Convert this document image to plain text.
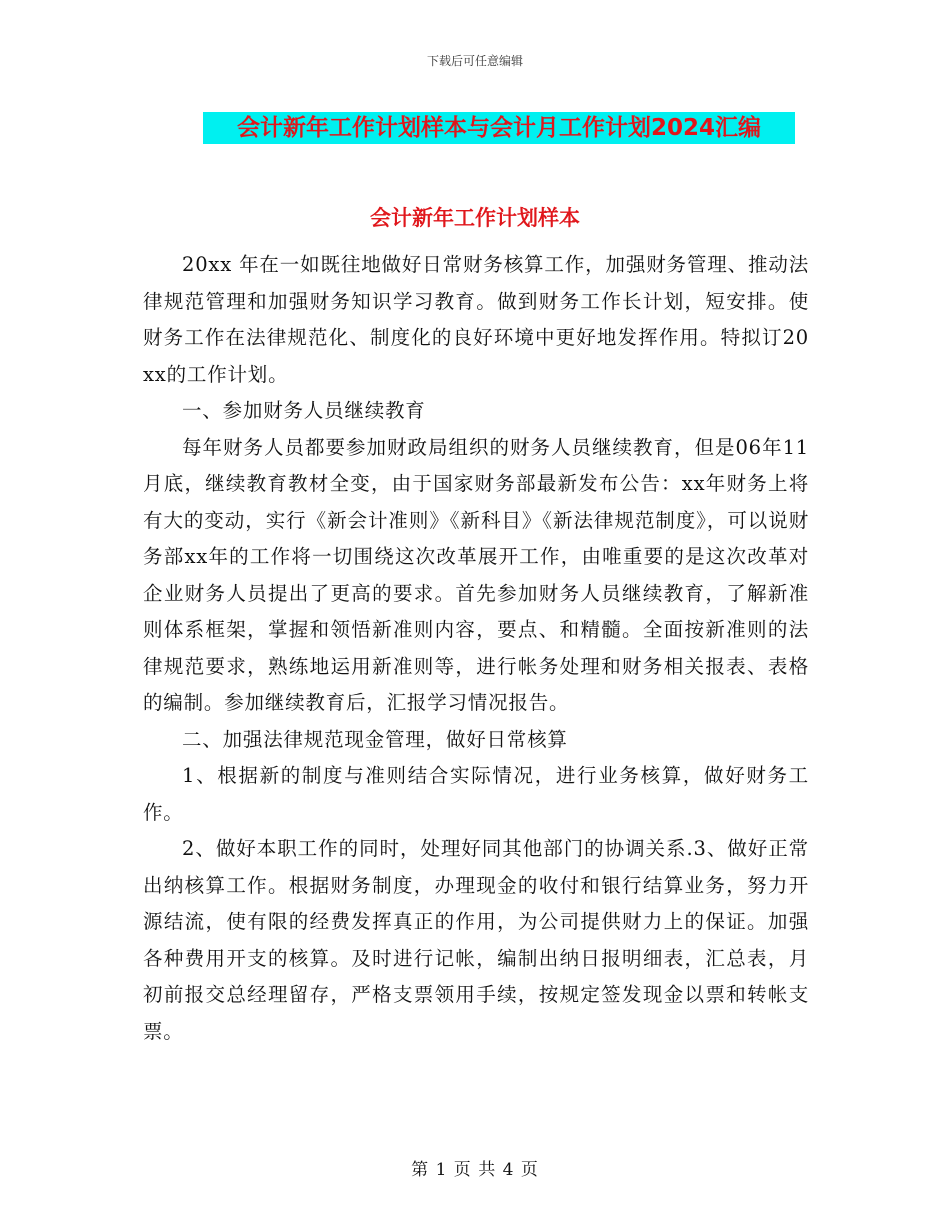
下载后可任意编辑
会计新年工作计划样本与会计月工作计划2024汇编
会计新年工作计划样本

20xx 年在一如既往地做好日常财务核算工作，加强财务管理、推动法律规范管理和加强财务知识学习教育。做到财务工作长计划，短安排。使财务工作在法律规范化、制度化的良好环境中更好地发挥作用。特拟订20xx的工作计划。

一、参加财务人员继续教育

每年财务人员都要参加财政局组织的财务人员继续教育，但是06年11月底，继续教育教材全变，由于国家财务部最新发布公告：xx年财务上将有大的变动，实行《新会计准则》《新科目》《新法律规范制度》，可以说财务部xx年的工作将一切围绕这次改革展开工作，由唯重要的是这次改革对企业财务人员提出了更高的要求。首先参加财务人员继续教育，了解新准则体系框架，掌握和领悟新准则内容，要点、和精髓。全面按新准则的法律规范要求，熟练地运用新准则等，进行帐务处理和财务相关报表、表格的编制。参加继续教育后，汇报学习情况报告。

二、加强法律规范现金管理，做好日常核算

1、根据新的制度与准则结合实际情况，进行业务核算，做好财务工作。

2、做好本职工作的同时，处理好同其他部门的协调关系.3、做好正常出纳核算工作。根据财务制度，办理现金的收付和银行结算业务，努力开源结流，使有限的经费发挥真正的作用，为公司提供财力上的保证。加强各种费用开支的核算。及时进行记帐，编制出纳日报明细表，汇总表，月初前报交总经理留存，严格支票领用手续，按规定签发现金以票和转帐支票。

第 1 页 共 4 页
